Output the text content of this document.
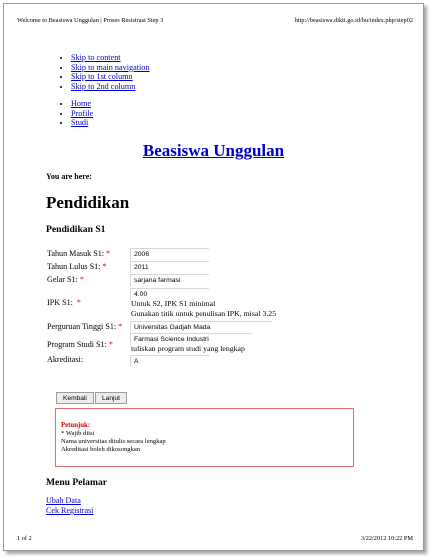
Welcome to Beasiswa Unggulan | Proses Resistrasi Step 3	http://beasiswa.dikti.go.id/bu/index.php/step02
• Skip to content
• Skip to main navigation
• Skip to 1st column
• Skip to 2nd column
• Home
• Profile
• Studi
Beasiswa Unggulan
You are here:
Pendidikan
Pendidikan S1
Tahun Masuk S1: *	2006
Tahun Lulus S1: *	2011
Gelar S1: *	sarjana farmasi
IPK S1: *
4.00
Untuk S2, IPK S1 minimal
Gunakan titik untuk penulisan IPK, misal 3.25
Perguruan Tinggi S1: *	Universitas Gadjah Mada
Program Studi S1: *
Farmasi Science Industri
tuliskan program studi yang lengkap
Akreditasi:	A
Kembali	Lanjut
Petunjuk:
* Wajib diisi
Nama universitas ditulis secara lengkap
Akreditasi boleh dikosongkan
Menu Pelamar
Ubah Data
Cek Registrasi
1 of 2	3/22/2012 10:22 PM
